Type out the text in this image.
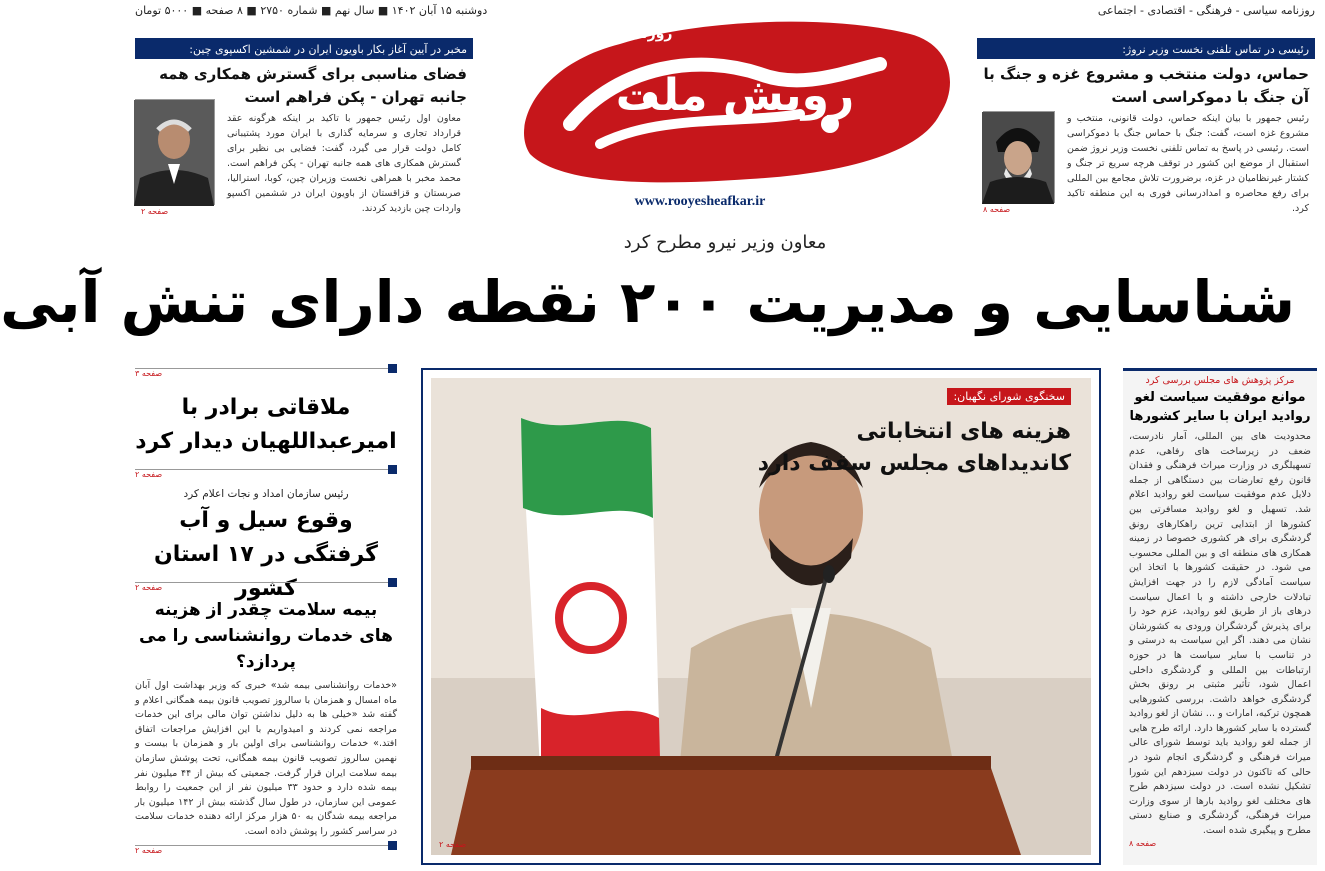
روزنامه سیاسی - فرهنگی - اقتصادی - اجتماعی
دوشنبه ۱۵ آبان ۱۴۰۲ ■ سال نهم ■ شماره ۲۷۵۰ ■ ۸ صفحه ■ ۵۰۰۰ تومان
رئیسی در تماس تلفنی نخست وزیر نروژ:
حماس، دولت منتخب و مشروع غزه و جنگ با آن جنگ با دموکراسی است
رئیس جمهور با بیان اینکه حماس، دولت قانونی، منتخب و مشروع غزه است، گفت: جنگ با حماس جنگ با دموکراسی است. رئیسی در پاسخ به تماس تلفنی نخست وزیر نروژ ضمن استقبال از موضع این کشور در توقف هرچه سریع تر جنگ و کشتار غیرنظامیان در غزه، برضرورت تلاش مجامع بین المللی برای رفع محاصره و امدادرسانی فوری به این منطقه تاکید کرد.
صفحه ۸
رویش ملت
روزنامه
www.rooyesheafkar.ir
مخبر در آیین آغاز بکار باویون ایران در شمشین اکسپوی چین:
فضای مناسبی برای گسترش همکاری همه جانبه تهران - پکن فراهم است
معاون اول رئیس جمهور با تاکید بر اینکه هرگونه عقد قرارداد تجاری و سرمایه گذاری با ایران مورد پشتیبانی کامل دولت قرار می گیرد، گفت: فضایی بی نظیر برای گسترش همکاری های همه جانبه تهران - پکن فراهم است. محمد مخبر با همراهی نخست وزیران چین، کوبا، استرالیا، صربستان و قزاقستان از باویون ایران در ششمین اکسپو واردات چین بازدید کردند.
صفحه ۲
معاون وزیر نیرو مطرح کرد
شناسایی و مدیریت ۲۰۰ نقطه دارای تنش آبی
صفحه ۳
ملاقاتی برادر با امیرعبداللهیان دیدار کرد
صفحه ۲
رئیس سازمان امداد و نجات اعلام کرد
وقوع سیل و آب گرفتگی در ۱۷ استان کشور
صفحه ۲
بیمه سلامت چقدر از هزینه های خدمات روانشناسی را می پردازد؟
«خدمات روانشناسی بیمه شد» خبری که وزیر بهداشت اول آبان ماه امسال و همزمان با سالروز تصویب قانون بیمه همگانی اعلام و گفته شد «خیلی ها به دلیل نداشتن توان مالی برای این خدمات مراجعه نمی کردند و امیدواریم با این افزایش مراجعات اتفاق افتد.» خدمات روانشناسی برای اولین بار و همزمان با بیست و نهمین سالروز تصویب قانون بیمه همگانی، تحت پوشش سازمان بیمه سلامت ایران قرار گرفت. جمعیتی که بیش از ۴۴ میلیون نفر بیمه شده دارد و حدود ۳۳ میلیون نفر از این جمعیت را روابط عمومی این سازمان، در طول سال گذشته بیش از ۱۴۲ میلیون بار مراجعه بیمه شدگان به ۵۰ هزار مرکز ارائه دهنده خدمات سلامت در سراسر کشور را پوشش داده است.
صفحه ۲
سخنگوی شورای نگهبان:
هزینه های انتخاباتی کاندیداهای مجلس سقف دارد
صفحه ۲
مرکز پژوهش های مجلس بررسی کرد
موانع موفقیت سیاست لغو روادید ایران با سایر کشورها
محدودیت های بین المللی، آمار نادرست، ضعف در زیرساخت های رفاهی، عدم تسهیلگری در وزارت میراث فرهنگی و فقدان قانون رفع تعارضات بین دستگاهی از جمله دلایل عدم موفقیت سیاست لغو روادید اعلام شد. تسهیل و لغو روادید مسافرتی بین کشورها از ابتدایی ترین راهکارهای رونق گردشگری برای هر کشوری خصوصا در زمینه همکاری های منطقه ای و بین المللی محسوب می شود. در حقیقت کشورها با اتخاذ این سیاست آمادگی لازم را در جهت افزایش تبادلات خارجی داشته و با اعمال سیاست درهای باز از طریق لغو روادید، عزم خود را برای پذیرش گردشگران ورودی به کشورشان نشان می دهند. اگر این سیاست به درستی و در تناسب با سایر سیاست ها در حوزه ارتباطات بین المللی و گردشگری داخلی اعمال شود، تأثیر مثبتی بر رونق بخش گردشگری خواهد داشت. بررسی کشورهایی همچون ترکیه، امارات و ... نشان از لغو روادید گسترده با سایر کشورها دارد. ارائه طرح هایی از جمله لغو روادید باید توسط شورای عالی میراث فرهنگی و گردشگری انجام شود در حالی که تاکنون در دولت سیزدهم این شورا تشکیل نشده است. در دولت سیزدهم طرح های مختلف لغو روادید بارها از سوی وزارت میراث فرهنگی، گردشگری و صنایع دستی مطرح و پیگیری شده است.
صفحه ۸
